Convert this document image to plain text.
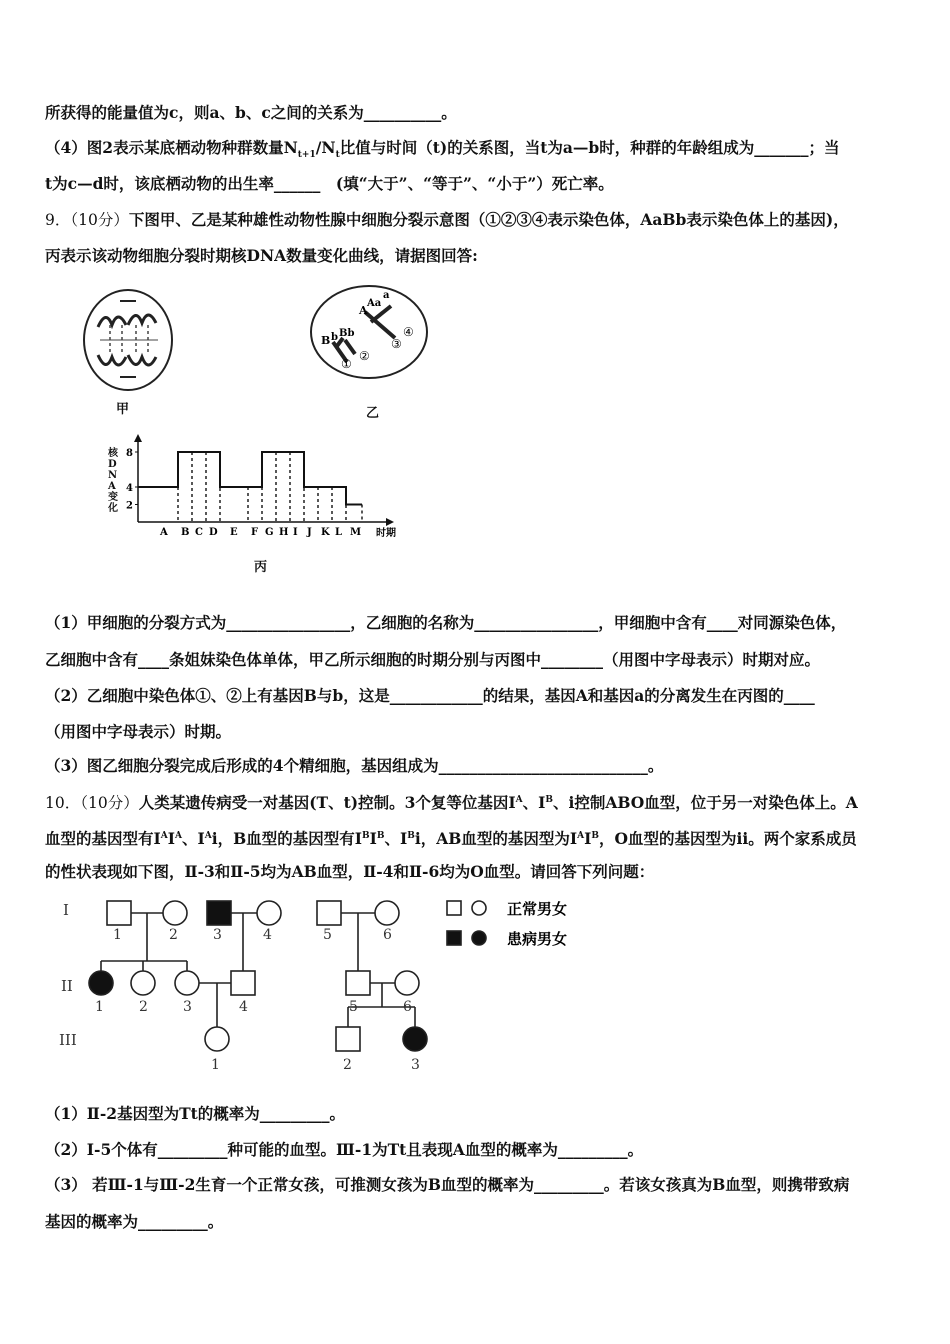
所获得的能量值为c，则a、b、c之间的关系为__________。
（4）图2表示某底栖动物种群数量$N_{t+1}/N_t$比值与时间（t)的关系图，当t为a—b时，种群的年龄组成为_______；当
t为c—d时，该底栖动物的出生率______　(填“大于”、“等于”、“小于”）死亡率。
9．（10分）下图甲、乙是某种雄性动物性腺中细胞分裂示意图（①②③④表示染色体，AaBb表示染色体上的基因)，
丙表示该动物细胞分裂时期核DNA数量变化曲线，请据图回答:
甲
B b Bb
A
a
Aa
①
②
③
④
乙
时期
2
4
8
A B C D E F G H I J K L M
核DNA变化
丙
（1）甲细胞的分裂方式为________________，乙细胞的名称为________________，甲细胞中含有____对同源染色体，
乙细胞中含有____条姐妹染色体单体，甲乙所示细胞的时期分别与丙图中________（用图中字母表示）时期对应。
（2）乙细胞中染色体①、②上有基因B与b，这是____________的结果，基因A和基因a的分离发生在丙图的____
（用图中字母表示）时期。
（3）图乙细胞分裂完成后形成的4个精细胞，基因组成为___________________________。
10．（10分）人类某遗传病受一对基因(T、t)控制。3个复等位基因$I^A$、$I^B$、i控制ABO血型，位于另一对染色体上。A
血型的基因型有$I^AI^A$、$I^Ai$，B血型的基因型有$I^BI^B$、$I^Bi$，AB血型的基因型为$I^AI^B$，O血型的基因型为ii。两个家系成员
的性状表现如下图，Ⅱ-3和Ⅱ-5均为AB血型，Ⅱ-4和Ⅱ-6均为O血型。请回答下列问题：
I
II
III
1	2	3	4
1	2	3	4
1
5	6
5	6
2	3
正常男女
患病男女
（1）Ⅱ-2基因型为Tt的概率为_________。
（2）Ⅰ-5个体有_________种可能的血型。Ⅲ-1为Tt且表现A血型的概率为_________。
（3） 若Ⅲ-1与Ⅲ-2生育一个正常女孩，可推测女孩为B血型的概率为_________。若该女孩真为B血型，则携带致病
基因的概率为_________。
